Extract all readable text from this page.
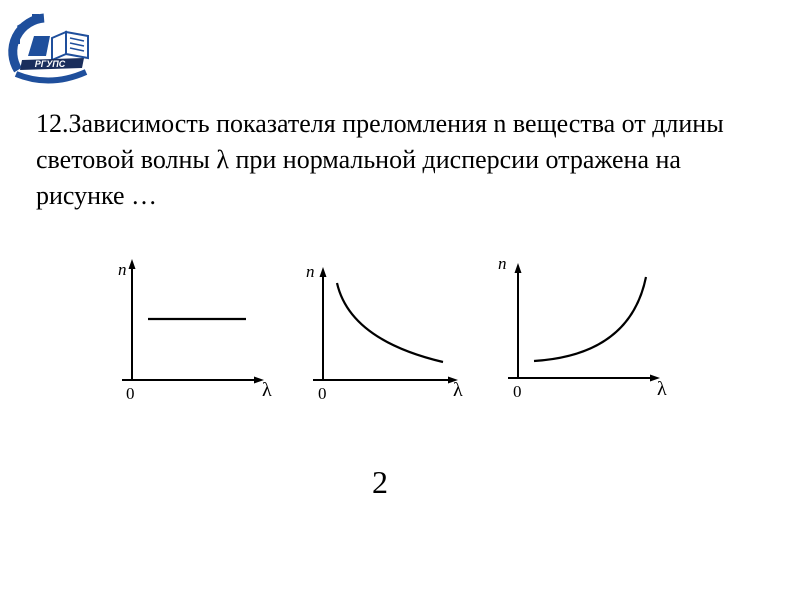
РГУПС

12.Зависимость показателя преломления n вещества от длины световой волны λ при нормальной дисперсии отражена на рисунке …

n
0	λ
n
0	λ
n
0	λ
2
